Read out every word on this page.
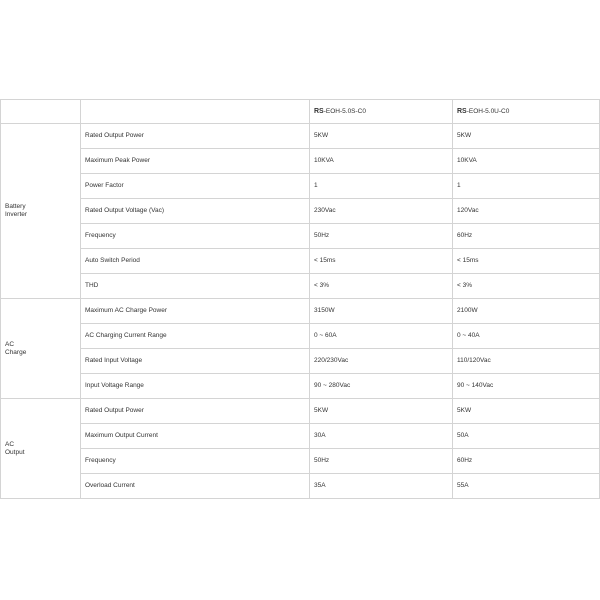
		RS-EOH-5.0S-C0	RS-EOH-5.0U-C0
Battery
Inverter	Rated Output Power	5KW	5KW
	Maximum Peak Power	10KVA	10KVA
	Power Factor	1	1
	Rated Output Voltage (Vac)	230Vac	120Vac
	Frequency	50Hz	60Hz
	Auto Switch Period	< 15ms	< 15ms
	THD	< 3%	< 3%
AC
Charge	Maximum AC Charge Power	3150W	2100W
	AC Charging Current Range	0 ~ 60A	0 ~ 40A
	Rated Input Voltage	220/230Vac	110/120Vac
	Input Voltage Range	90 ~ 280Vac	90 ~ 140Vac
AC
Output	Rated Output Power	5KW	5KW
	Maximum Output Current	30A	50A
	Frequency	50Hz	60Hz
	Overload Current	35A	55A
